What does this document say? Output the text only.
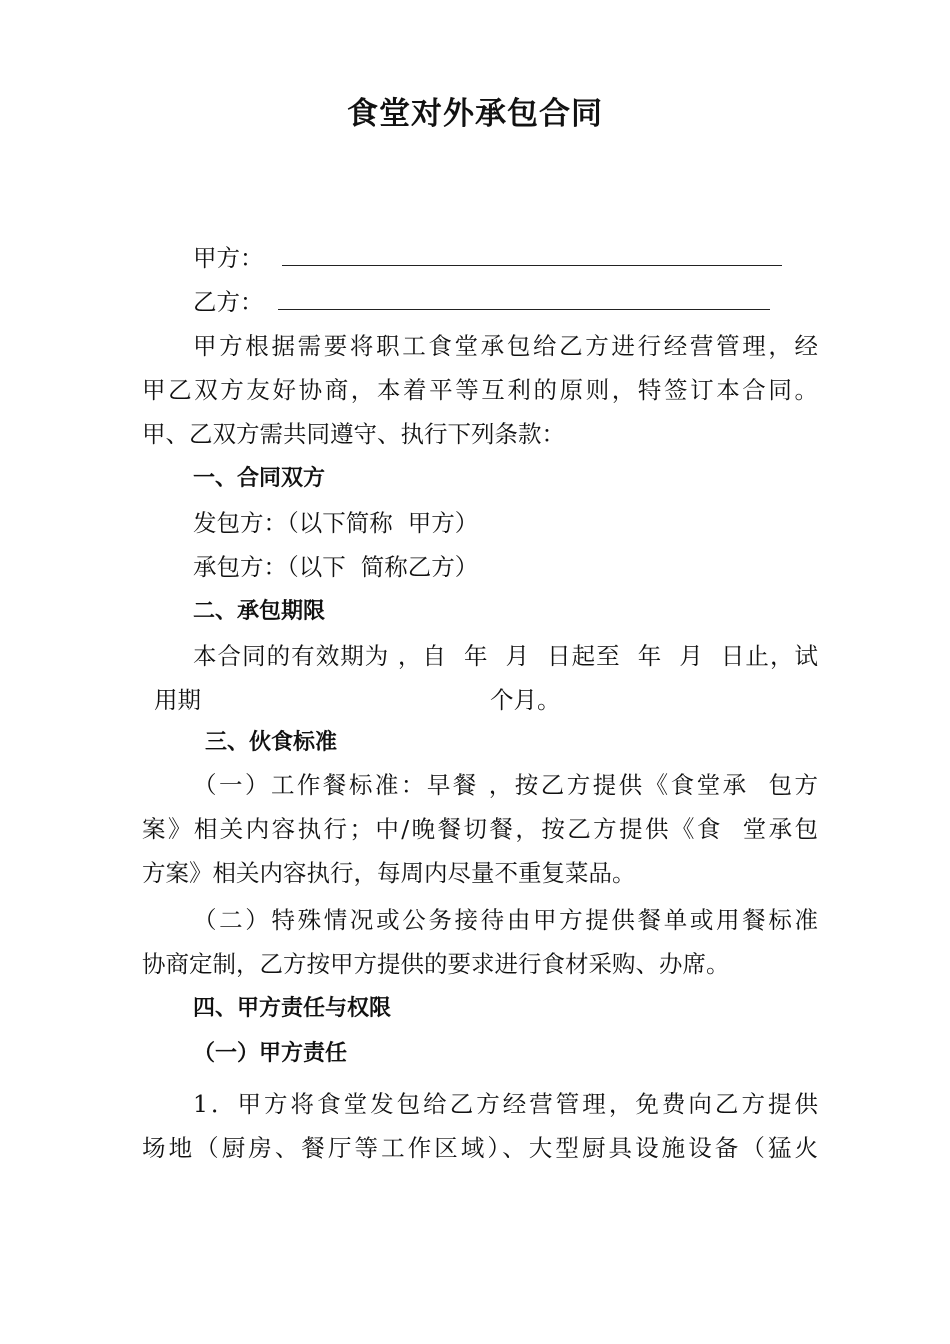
食堂对外承包合同
甲方：
乙方：
甲方根据需要将职工食堂承包给乙方进行经营管理，经
甲乙双方友好协商，本着平等互利的原则，特签订本合同。
甲、乙双方需共同遵守、执行下列条款：
一、合同双方
发包方：（以下简称  甲方）
承包方：（以下  简称乙方）
二、承包期限
本合同的有效期为 ，自  年  月  日起至  年  月  日止，试
用期	个月。
三、伙食标准
（一）工作餐标准：早餐 ，按乙方提供《食堂承  包方
案》相关内容执行；中/晚餐切餐，按乙方提供《食  堂承包
方案》相关内容执行，每周内尽量不重复菜品。
（二）特殊情况或公务接待由甲方提供餐单或用餐标准
协商定制，乙方按甲方提供的要求进行食材采购、办席。
四、甲方责任与权限
（一）甲方责任
1．甲方将食堂发包给乙方经营管理，免费向乙方提供
场地（厨房、餐厅等工作区域）、大型厨具设施设备（猛火
